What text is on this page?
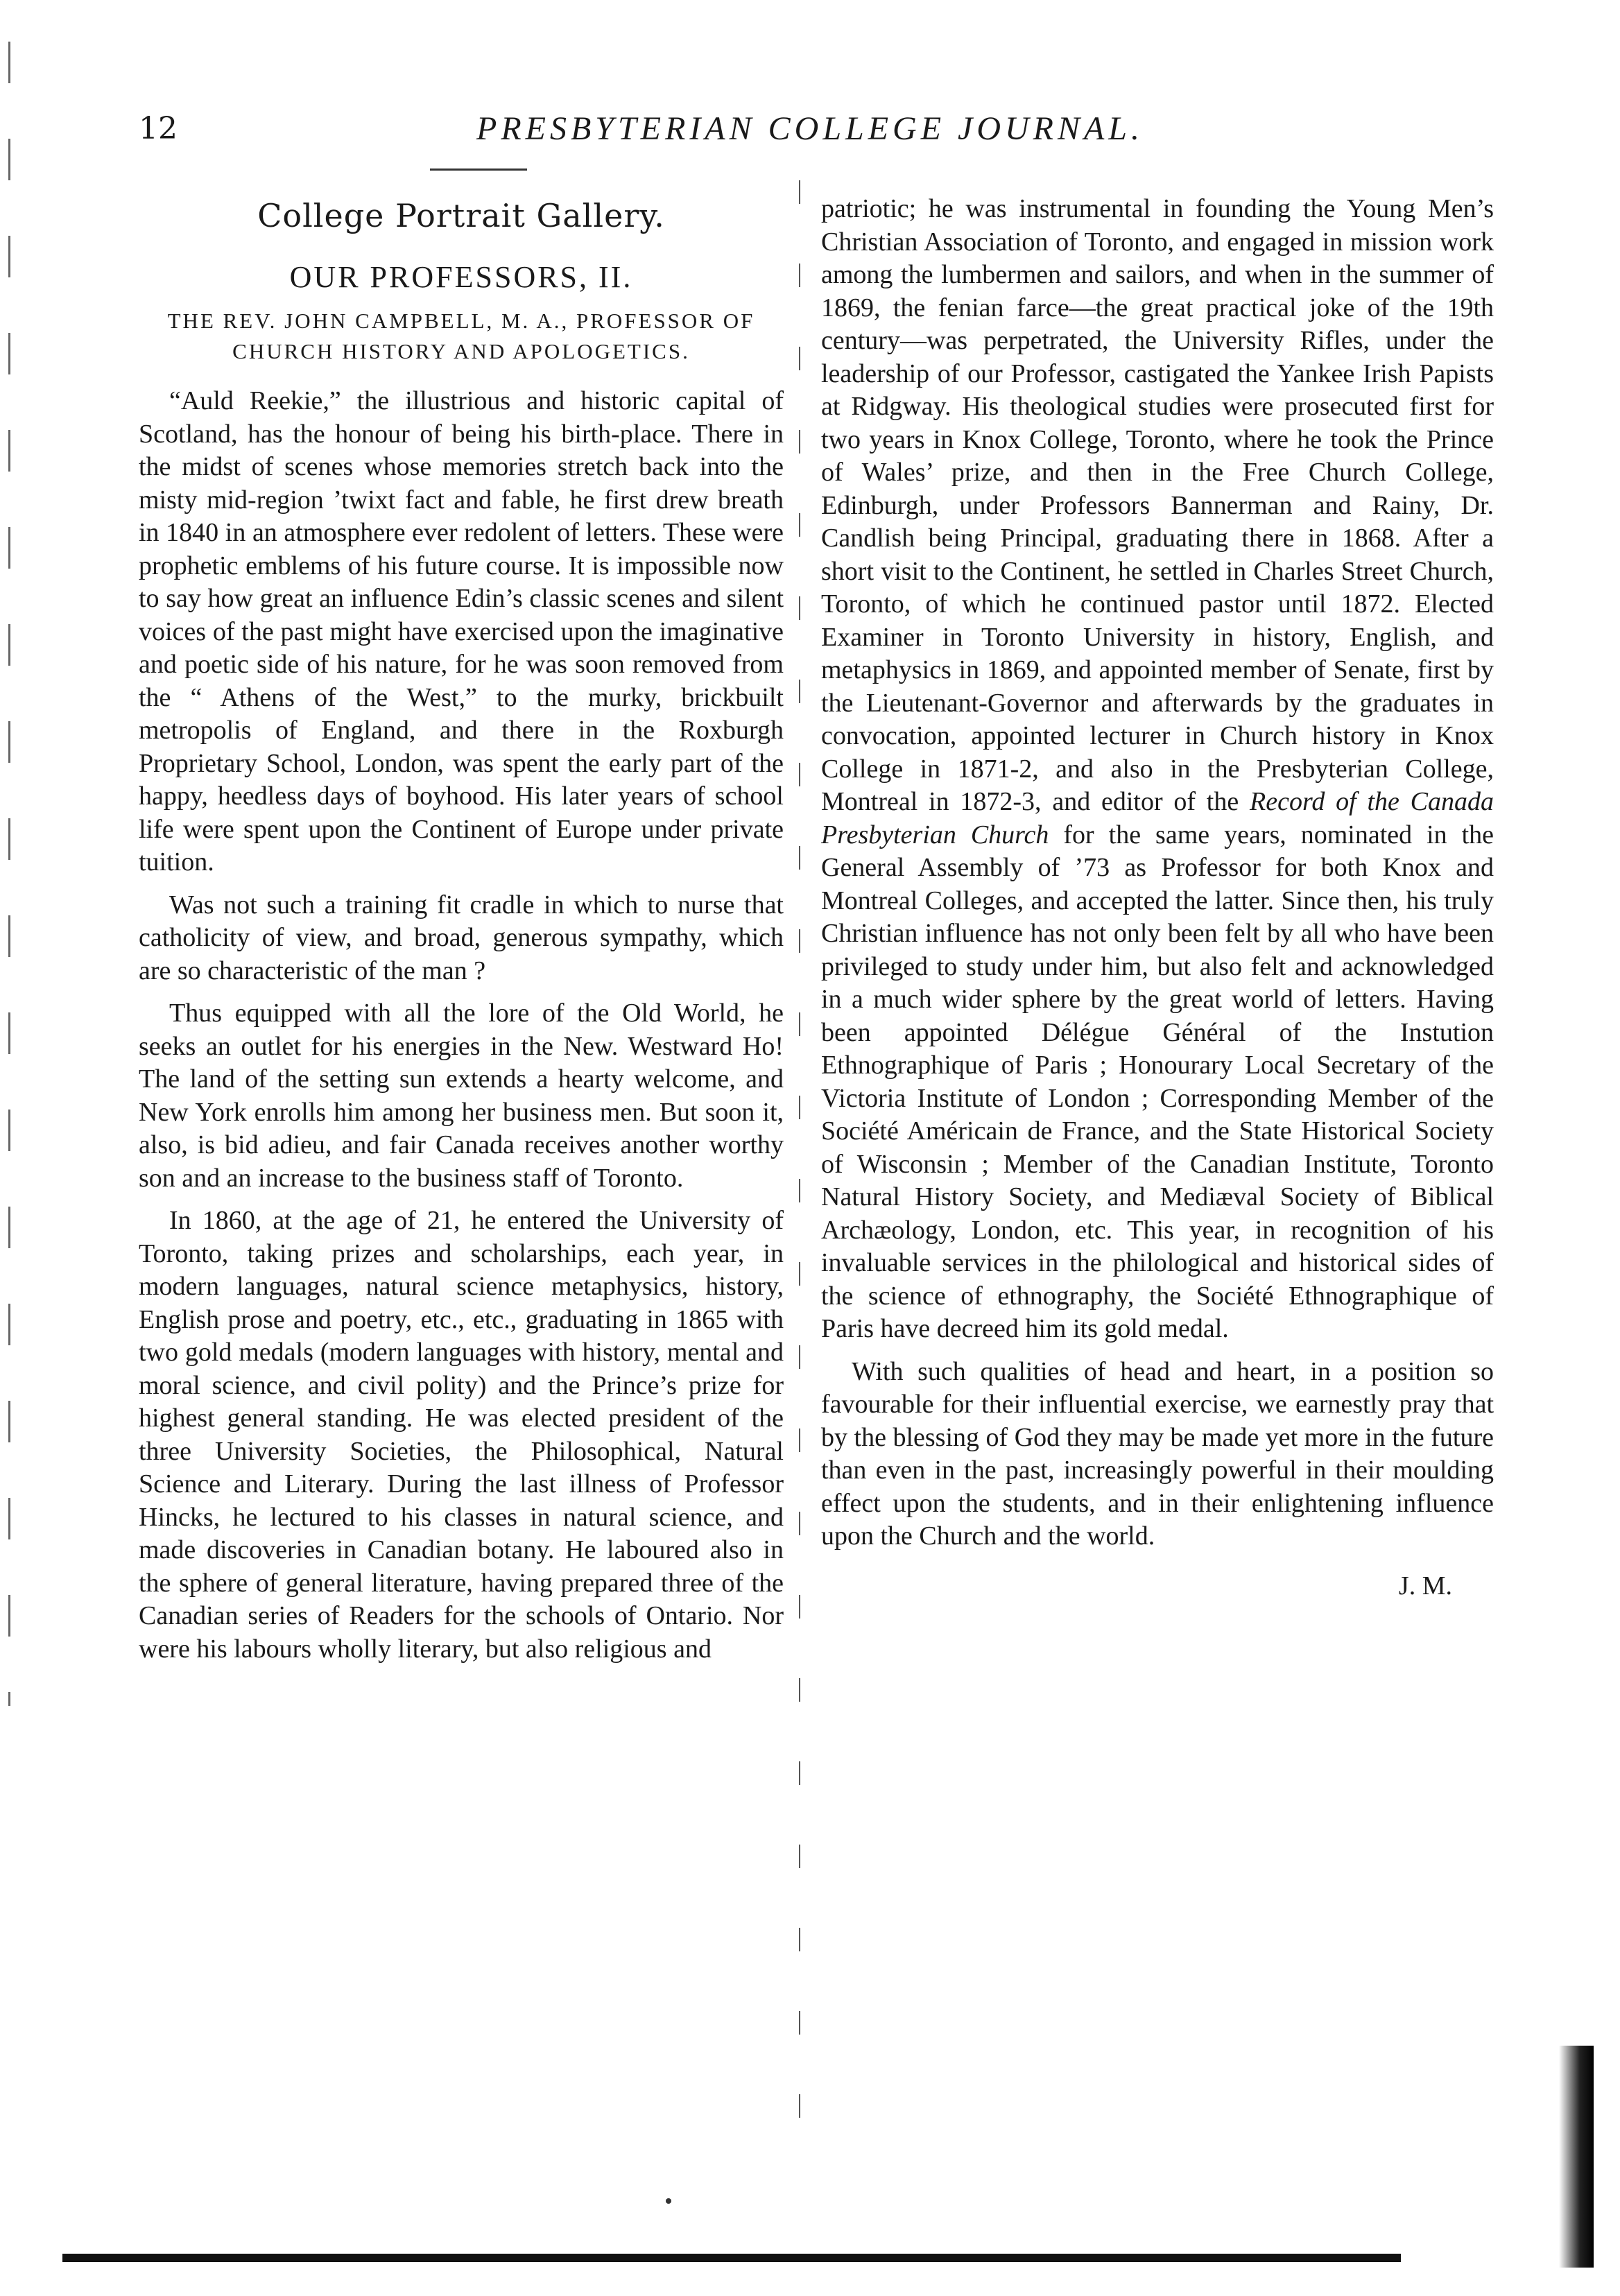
12	PRESBYTERIAN COLLEGE JOURNAL.
College Portrait Gallery.
OUR PROFESSORS, II.
THE REV. JOHN CAMPBELL, M. A., PROFESSOR OF CHURCH HISTORY AND APOLOGETICS.

“Auld Reekie,” the illustrious and historic capital of Scotland, has the honour of being his birth-place. There in the midst of scenes whose memories stretch back into the misty mid-region ’twixt fact and fable, he first drew breath in 1840 in an atmosphere ever redolent of letters. These were prophetic emblems of his future course. It is impossible now to say how great an influence Edin’s classic scenes and silent voices of the past might have exercised upon the imaginative and poetic side of his nature, for he was soon removed from the “ Athens of the West,” to the murky, brickbuilt metropolis of England, and there in the Roxburgh Proprietary School, London, was spent the early part of the happy, heedless days of boyhood. His later years of school life were spent upon the Continent of Europe under private tuition.

Was not such a training fit cradle in which to nurse that catholicity of view, and broad, generous sympathy, which are so characteristic of the man ?

Thus equipped with all the lore of the Old World, he seeks an outlet for his energies in the New. Westward Ho! The land of the setting sun extends a hearty welcome, and New York enrolls him among her business men. But soon it, also, is bid adieu, and fair Canada receives another worthy son and an increase to the business staff of Toronto.

In 1860, at the age of 21, he entered the University of Toronto, taking prizes and scholarships, each year, in modern languages, natural science metaphysics, history, English prose and poetry, etc., etc., graduating in 1865 with two gold medals (modern languages with history, mental and moral science, and civil polity) and the Prince’s prize for highest general standing. He was elected president of the three University Societies, the Philosophical, Natural Science and Literary. During the last illness of Professor Hincks, he lectured to his classes in natural science, and made discoveries in Canadian botany. He laboured also in the sphere of general literature, having prepared three of the Canadian series of Readers for the schools of Ontario. Nor were his labours wholly literary, but also religious and

patriotic; he was instrumental in founding the Young Men’s Christian Association of Toronto, and engaged in mission work among the lumbermen and sailors, and when in the summer of 1869, the fenian farce—the great practical joke of the 19th century—was perpetrated, the University Rifles, under the leadership of our Professor, castigated the Yankee Irish Papists at Ridgway. His theological studies were prosecuted first for two years in Knox College, Toronto, where he took the Prince of Wales’ prize, and then in the Free Church College, Edinburgh, under Professors Bannerman and Rainy, Dr. Candlish being Principal, graduating there in 1868. After a short visit to the Continent, he settled in Charles Street Church, Toronto, of which he continued pastor until 1872. Elected Examiner in Toronto University in history, English, and metaphysics in 1869, and appointed member of Senate, first by the Lieutenant-Governor and afterwards by the graduates in convocation, appointed lecturer in Church history in Knox College in 1871-2, and also in the Presbyterian College, Montreal in 1872-3, and editor of the Record of the Canada Presbyterian Church for the same years, nominated in the General Assembly of ’73 as Professor for both Knox and Montreal Colleges, and accepted the latter. Since then, his truly Christian influence has not only been felt by all who have been privileged to study under him, but also felt and acknowledged in a much wider sphere by the great world of letters. Having been appointed Délégue Général of the Instution Ethnographique of Paris ; Honourary Local Secretary of the Victoria Institute of London ; Corresponding Member of the Société Américain de France, and the State Historical Society of Wisconsin ; Member of the Canadian Institute, Toronto Natural History Society, and Mediæval Society of Biblical Archæology, London, etc. This year, in recognition of his invaluable services in the philological and historical sides of the science of ethnography, the Société Ethnographique of Paris have decreed him its gold medal.

With such qualities of head and heart, in a position so favourable for their influential exercise, we earnestly pray that by the blessing of God they may be made yet more in the future than even in the past, increasingly powerful in their moulding effect upon the students, and in their enlightening influence upon the Church and the world.

J. M.
